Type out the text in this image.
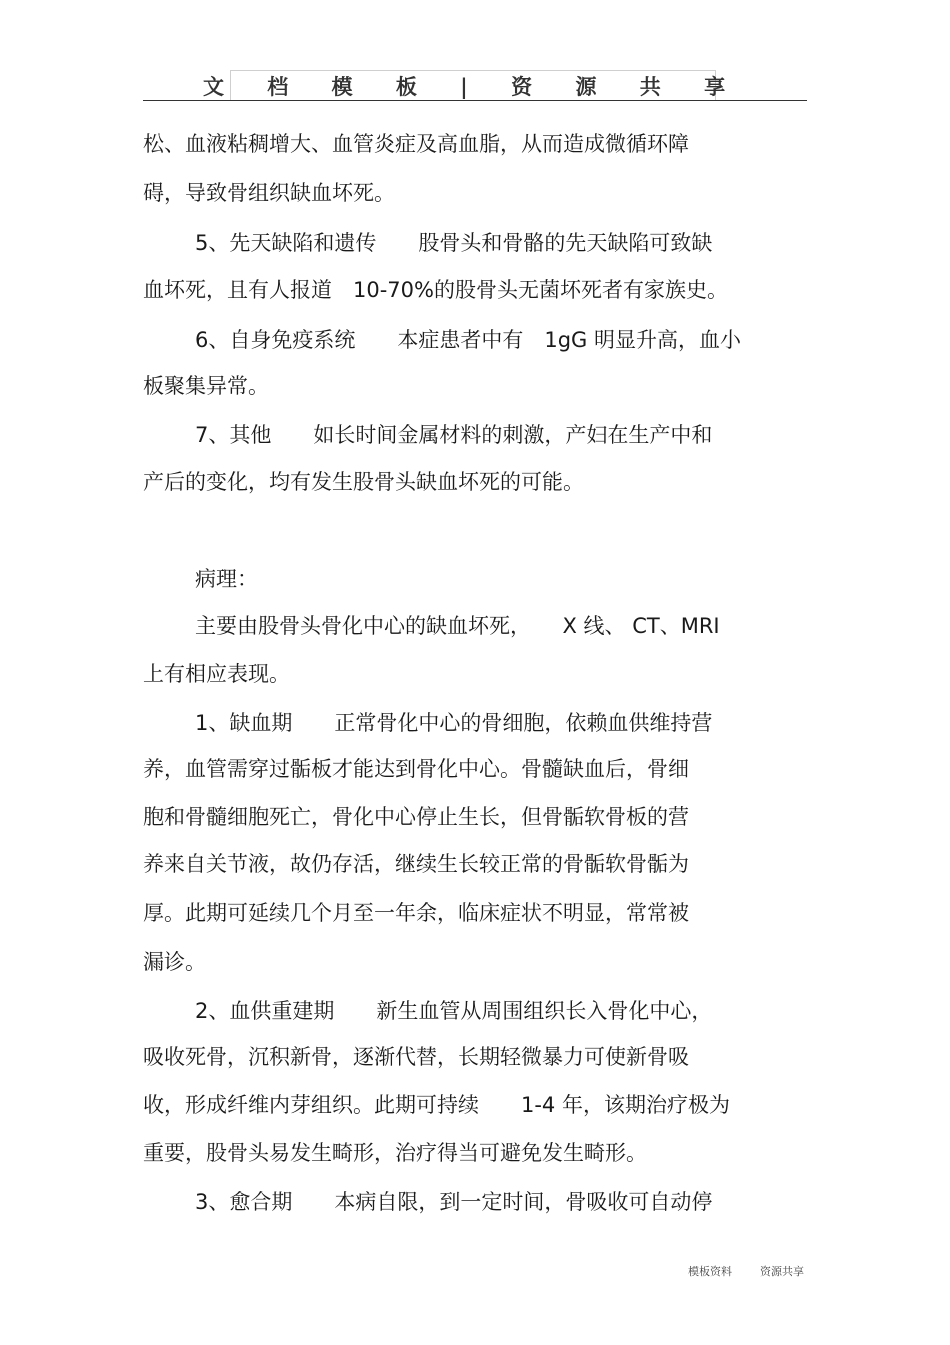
文 档 模 板 | 资 源 共 享
松、血液粘稠增大、血管炎症及高血脂，从而造成微循环障
碍，导致骨组织缺血坏死。
5、先天缺陷和遗传　　股骨头和骨骼的先天缺陷可致缺
血坏死，且有人报道　10-70%的股骨头无菌坏死者有家族史。
6、自身免疫系统　　本症患者中有　1gG 明显升高，血小
板聚集异常。
7、其他　　如长时间金属材料的刺激，产妇在生产中和
产后的变化，均有发生股骨头缺血坏死的可能。
病理：
主要由股骨头骨化中心的缺血坏死，　　X 线、 CT、MRI
上有相应表现。
1、缺血期　　正常骨化中心的骨细胞，依赖血供维持营
养，血管需穿过骺板才能达到骨化中心。骨髓缺血后，骨细
胞和骨髓细胞死亡，骨化中心停止生长，但骨骺软骨板的营
养来自关节液，故仍存活，继续生长较正常的骨骺软骨骺为
厚。此期可延续几个月至一年余，临床症状不明显，常常被
漏诊。
2、血供重建期　　新生血管从周围组织长入骨化中心，
吸收死骨，沉积新骨，逐渐代替，长期轻微暴力可使新骨吸
收，形成纤维内芽组织。此期可持续　　1-4 年，该期治疗极为
重要，股骨头易发生畸形，治疗得当可避免发生畸形。
3、愈合期　　本病自限，到一定时间，骨吸收可自动停

模板资料	资源共享
